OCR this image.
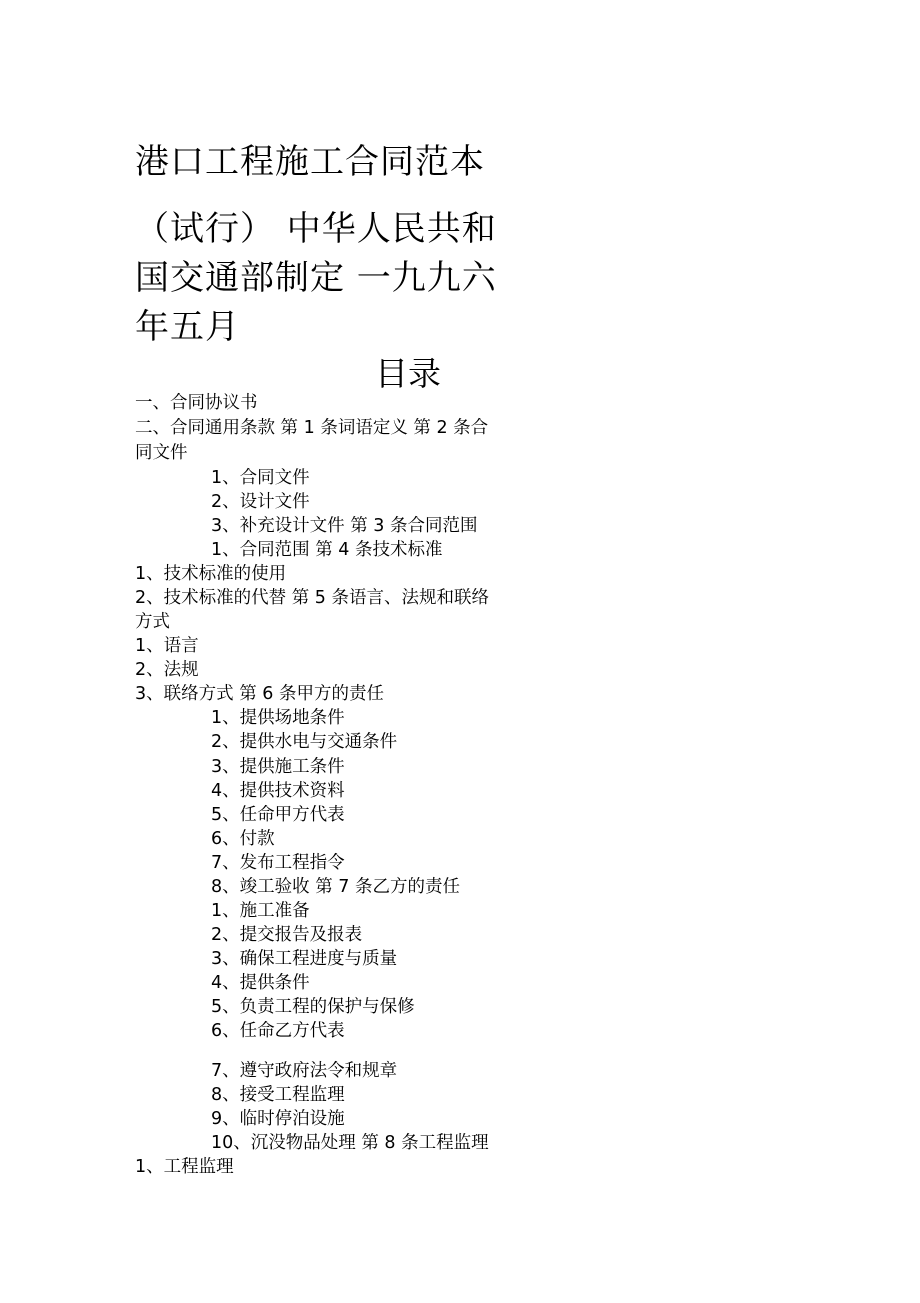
港口工程施工合同范本
（试行） 中华人民共和
国交通部制定 一九九六
年五月
目录
一、合同协议书
二、合同通用条款 第 1 条词语定义 第 2 条合
同文件
1、合同文件
2、设计文件
3、补充设计文件 第 3 条合同范围
1、合同范围 第 4 条技术标准
1、技术标准的使用
2、技术标准的代替 第 5 条语言、法规和联络
方式
1、语言
2、法规
3、联络方式 第 6 条甲方的责任
1、提供场地条件
2、提供水电与交通条件
3、提供施工条件
4、提供技术资料
5、任命甲方代表
6、付款
7、发布工程指令
8、竣工验收 第 7 条乙方的责任
1、施工准备
2、提交报告及报表
3、确保工程进度与质量
4、提供条件
5、负责工程的保护与保修
6、任命乙方代表
7、遵守政府法令和规章
8、接受工程监理
9、临时停泊设施
10、沉没物品处理 第 8 条工程监理
1、工程监理
